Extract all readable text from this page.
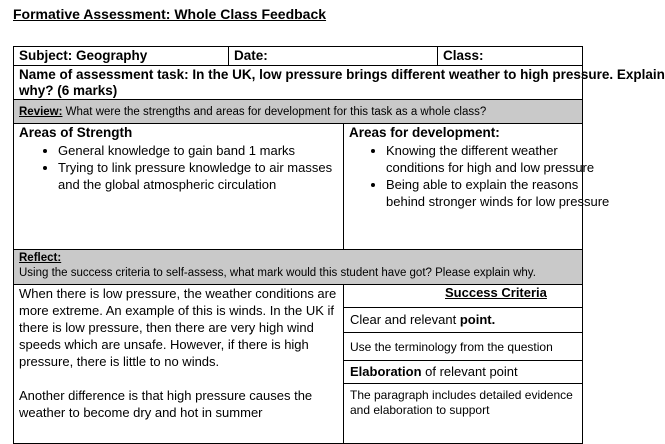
Formative Assessment: Whole Class Feedback
Subject: Geography	Date:	Class:
Name of assessment task: In the UK, low pressure brings different weather to high pressure. Explain
why? (6 marks)
Review: What were the strengths and areas for development for this task as a whole class?
Areas of Strength
• General knowledge to gain band 1 marks
• Trying to link pressure knowledge to air masses and the global atmospheric circulation
Areas for development:
• Knowing the different weather conditions for high and low pressure
• Being able to explain the reasons behind stronger winds for low pressure
Reflect:
Using the success criteria to self-assess, what mark would this student have got? Please explain why.
When there is low pressure, the weather conditions are more extreme. An example of this is winds. In the UK if there is low pressure, then there are very high wind speeds which are unsafe. However, if there is high pressure, there is little to no winds.
Another difference is that high pressure causes the weather to become dry and hot in summer
Success Criteria
Clear and relevant point.
Use the terminology from the question
Elaboration of relevant point
The paragraph includes detailed evidence and elaboration to support
